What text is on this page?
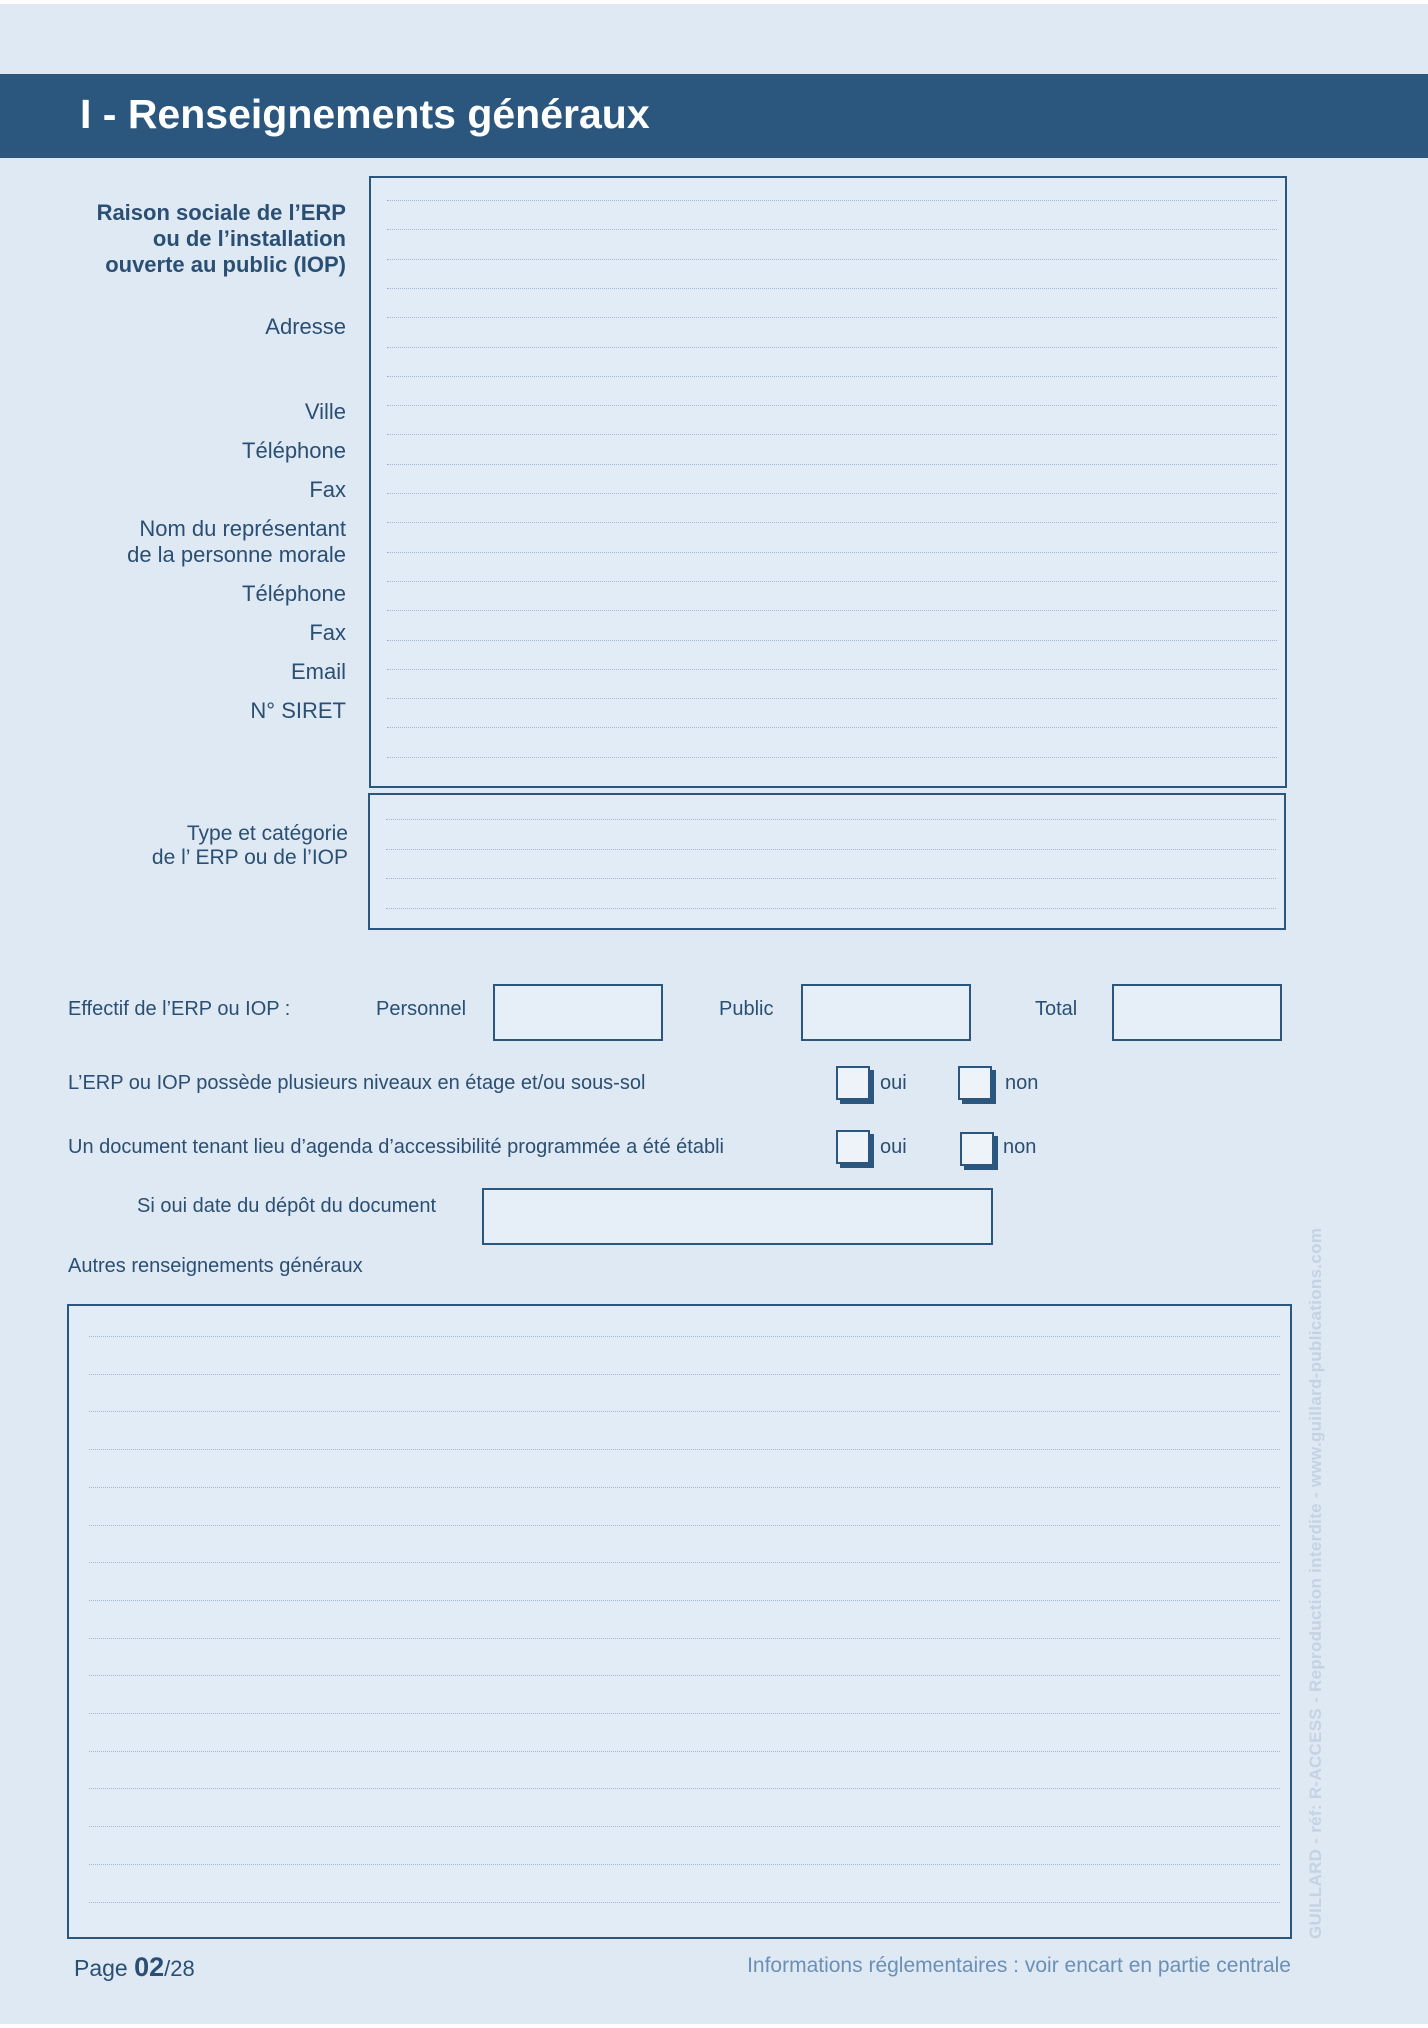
I - Renseignements généraux
Raison sociale de l’ERP
ou de l’installation
ouverte au public (IOP)
Adresse
Ville
Téléphone
Fax
Nom du représentant
de la personne morale
Téléphone
Fax
Email
N° SIRET
Type et catégorie
de l’ ERP ou de l’IOP
Effectif de l’ERP ou IOP :	Personnel	Public	Total
L’ERP ou IOP possède plusieurs niveaux en étage et/ou sous-sol	oui	non
Un document tenant lieu d’agenda d’accessibilité programmée a été établi	oui	non
Si oui date du dépôt du document
Autres renseignements généraux	GUILLARD - réf: R-ACCESS - Reproduction interdite - www.guillard-publications.com
Page 02/28	Informations réglementaires : voir encart en partie centrale
